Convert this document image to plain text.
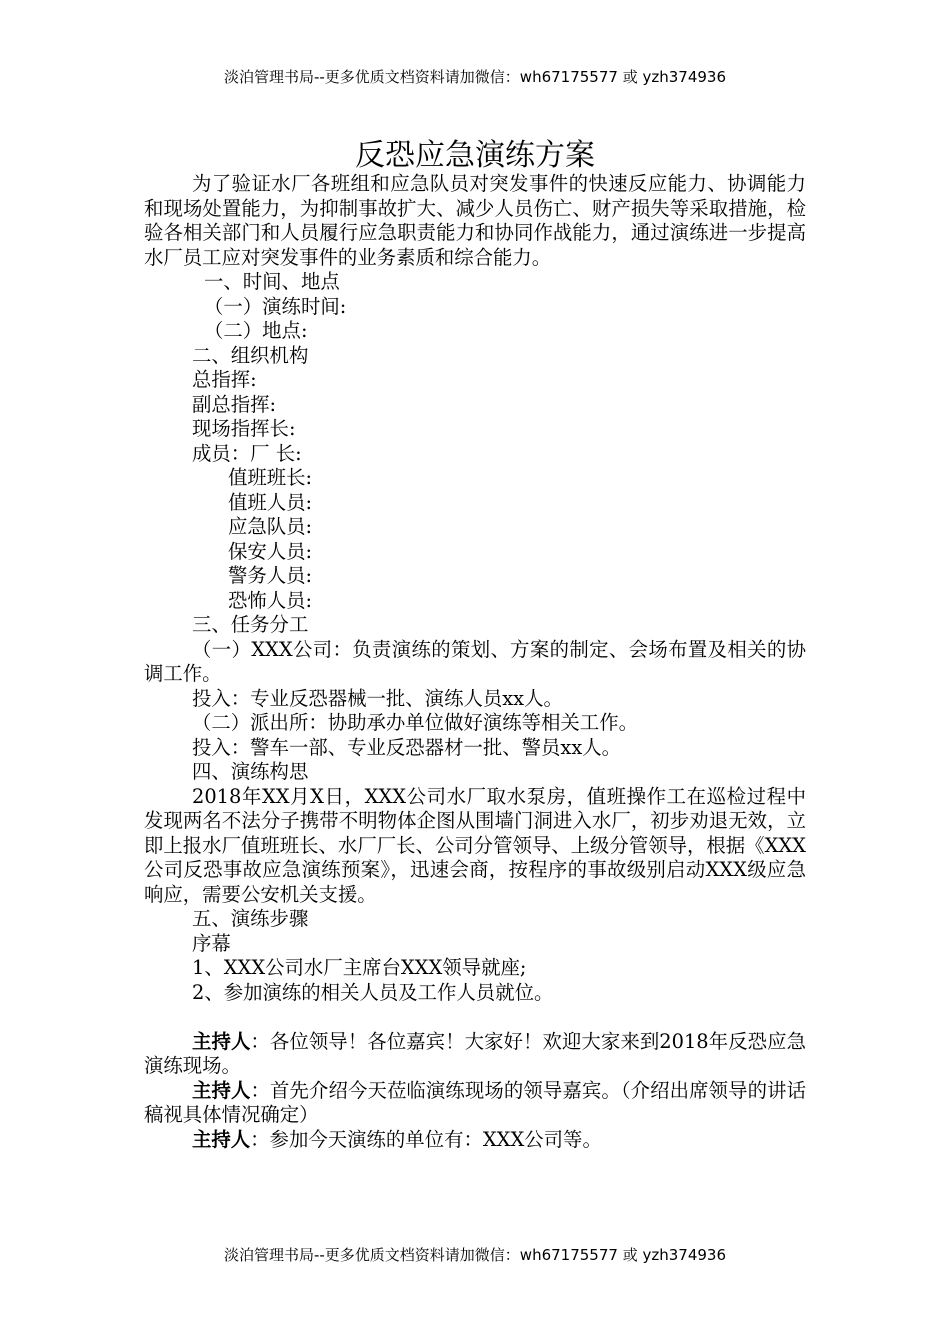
淡泊管理书局--更多优质文档资料请加微信：wh67175577 或 yzh374936
反恐应急演练方案

为了验证水厂各班组和应急队员对突发事件的快速反应能力、协调能力和现场处置能力，为抑制事故扩大、减少人员伤亡、财产损失等采取措施，检验各相关部门和人员履行应急职责能力和协同作战能力，通过演练进一步提高水厂员工应对突发事件的业务素质和综合能力。

一、时间、地点

（一）演练时间:

（二）地点:

二、组织机构

总指挥:

副总指挥:

现场指挥长:

成员：厂 长:

值班班长:

值班人员:

应急队员:

保安人员:

警务人员:

恐怖人员:

三、任务分工

（一）XXX公司：负责演练的策划、方案的制定、会场布置及相关的协调工作。

投入：专业反恐器械一批、演练人员xx人。

（二）派出所：协助承办单位做好演练等相关工作。

投入：警车一部、专业反恐器材一批、警员xx人。

四、演练构思

2018年XX月X日，XXX公司水厂取水泵房，值班操作工在巡检过程中发现两名不法分子携带不明物体企图从围墙门洞进入水厂，初步劝退无效，立即上报水厂值班班长、水厂厂长、公司分管领导、上级分管领导，根据《XXX公司反恐事故应急演练预案》，迅速会商，按程序的事故级别启动XXX级应急响应，需要公安机关支援。

五、演练步骤

序幕

1、XXX公司水厂主席台XXX领导就座;

2、参加演练的相关人员及工作人员就位。

主持人：各位领导！各位嘉宾！大家好！欢迎大家来到2018年反恐应急演练现场。

主持人：首先介绍今天莅临演练现场的领导嘉宾。（介绍出席领导的讲话稿视具体情况确定）

主持人：参加今天演练的单位有：XXX公司等。

淡泊管理书局--更多优质文档资料请加微信：wh67175577 或 yzh374936
